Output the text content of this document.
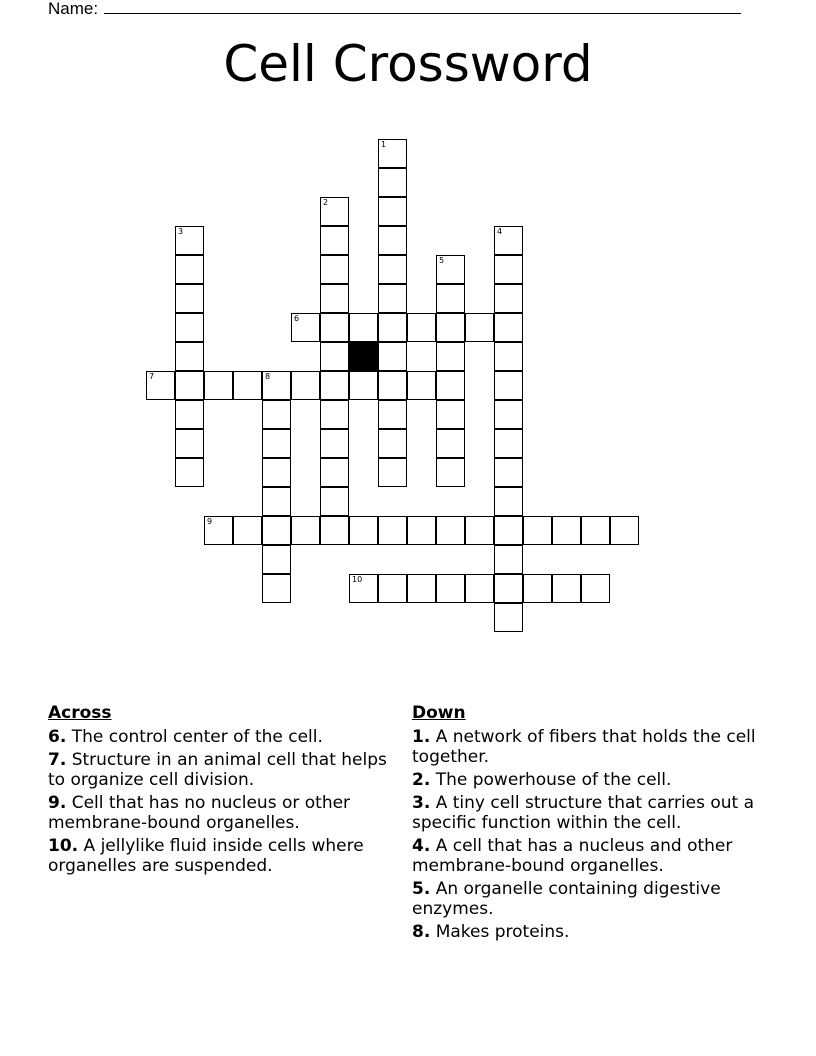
Name:
Cell Crossword
1
2
3	4
5
6
7	8
9
10
Across
6. The control center of the cell.
7. Structure in an animal cell that helps to organize cell division.
9. Cell that has no nucleus or other membrane-bound organelles.
10. A jellylike fluid inside cells where organelles are suspended.
Down
1. A network of fibers that holds the cell together.
2. The powerhouse of the cell.
3. A tiny cell structure that carries out a specific function within the cell.
4. A cell that has a nucleus and other membrane-bound organelles.
5. An organelle containing digestive enzymes.
8. Makes proteins.
